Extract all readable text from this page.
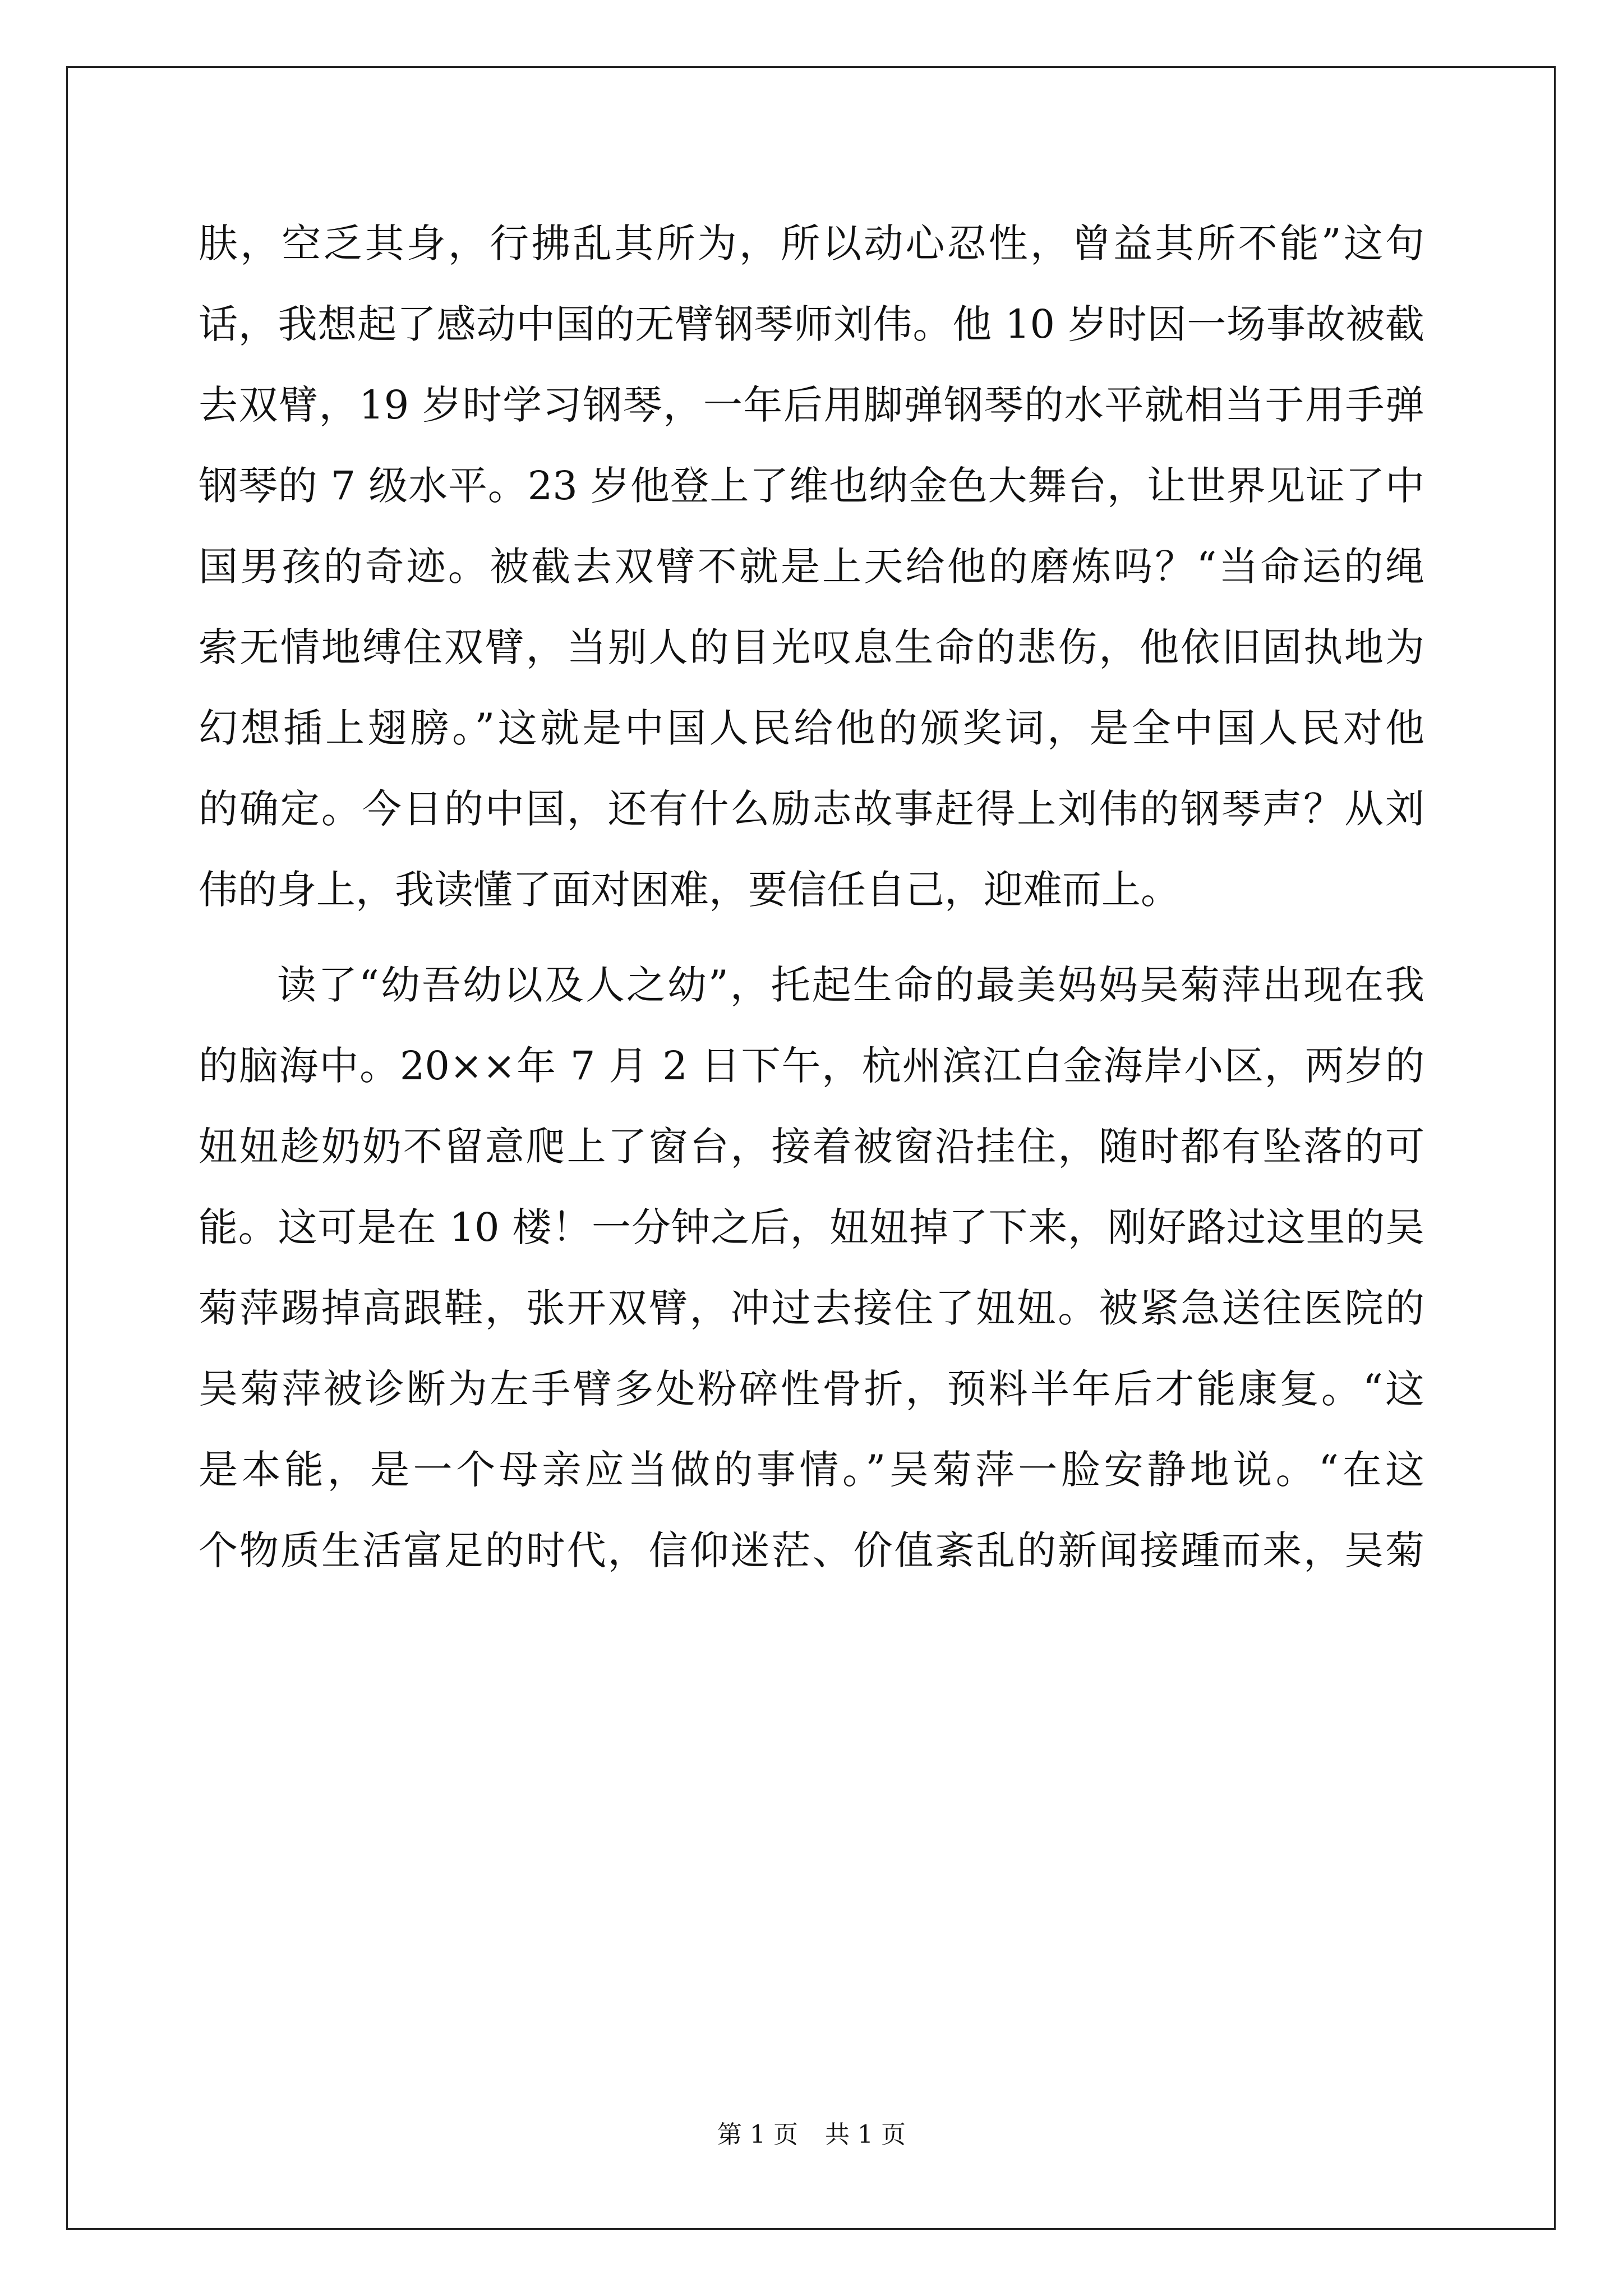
肤，空乏其身，行拂乱其所为，所以动心忍性，曾益其所不能”这句
话，我想起了感动中国的无臂钢琴师刘伟。他 10 岁时因一场事故被截
去双臂，19 岁时学习钢琴，一年后用脚弹钢琴的水平就相当于用手弹
钢琴的 7 级水平。23 岁他登上了维也纳金色大舞台，让世界见证了中
国男孩的奇迹。被截去双臂不就是上天给他的磨炼吗？“当命运的绳
索无情地缚住双臂，当别人的目光叹息生命的悲伤，他依旧固执地为
幻想插上翅膀。”这就是中国人民给他的颁奖词，是全中国人民对他
的确定。今日的中国，还有什么励志故事赶得上刘伟的钢琴声？从刘
伟的身上，我读懂了面对困难，要信任自己，迎难而上。
读了“幼吾幼以及人之幼”，托起生命的最美妈妈吴菊萍出现在我
的脑海中。20××年 7 月 2 日下午，杭州滨江白金海岸小区，两岁的
妞妞趁奶奶不留意爬上了窗台，接着被窗沿挂住，随时都有坠落的可
能。这可是在 10 楼！一分钟之后，妞妞掉了下来，刚好路过这里的吴
菊萍踢掉高跟鞋，张开双臂，冲过去接住了妞妞。被紧急送往医院的
吴菊萍被诊断为左手臂多处粉碎性骨折，预料半年后才能康复。“这
是本能，是一个母亲应当做的事情。”吴菊萍一脸安静地说。“在这
个物质生活富足的时代，信仰迷茫、价值紊乱的新闻接踵而来，吴菊
第 1 页 共 1 页
